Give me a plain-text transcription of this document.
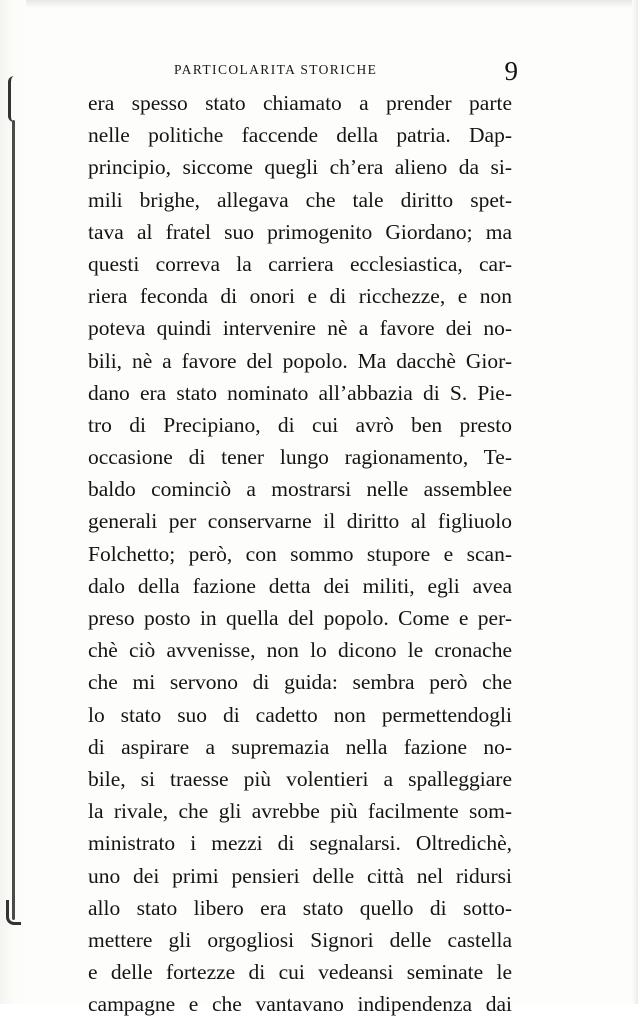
PARTICOLARITA STORICHE	9
era spesso stato chiamato a prender parte
nelle politiche faccende della patria. Dap-
principio, siccome quegli ch’era alieno da si-
mili brighe, allegava che tale diritto spet-
tava al fratel suo primogenito Giordano; ma
questi correva la carriera ecclesiastica, car-
riera feconda di onori e di ricchezze, e non
poteva quindi intervenire nè a favore dei no-
bili, nè a favore del popolo. Ma dacchè Gior-
dano era stato nominato all’abbazia di S. Pie-
tro di Precipiano, di cui avrò ben presto
occasione di tener lungo ragionamento, Te-
baldo cominciò a mostrarsi nelle assemblee
generali per conservarne il diritto al figliuolo
Folchetto; però, con sommo stupore e scan-
dalo della fazione detta dei militi, egli avea
preso posto in quella del popolo. Come e per-
chè ciò avvenisse, non lo dicono le cronache
che mi servono di guida: sembra però che
lo stato suo di cadetto non permettendogli
di aspirare a supremazia nella fazione no-
bile, si traesse più volentieri a spalleggiare
la rivale, che gli avrebbe più facilmente som-
ministrato i mezzi di segnalarsi. Oltredichè,
uno dei primi pensieri delle città nel ridursi
allo stato libero era stato quello di sotto-
mettere gli orgogliosi Signori delle castella
e delle fortezze di cui vedeansi seminate le
campagne e che vantavano indipendenza dai
